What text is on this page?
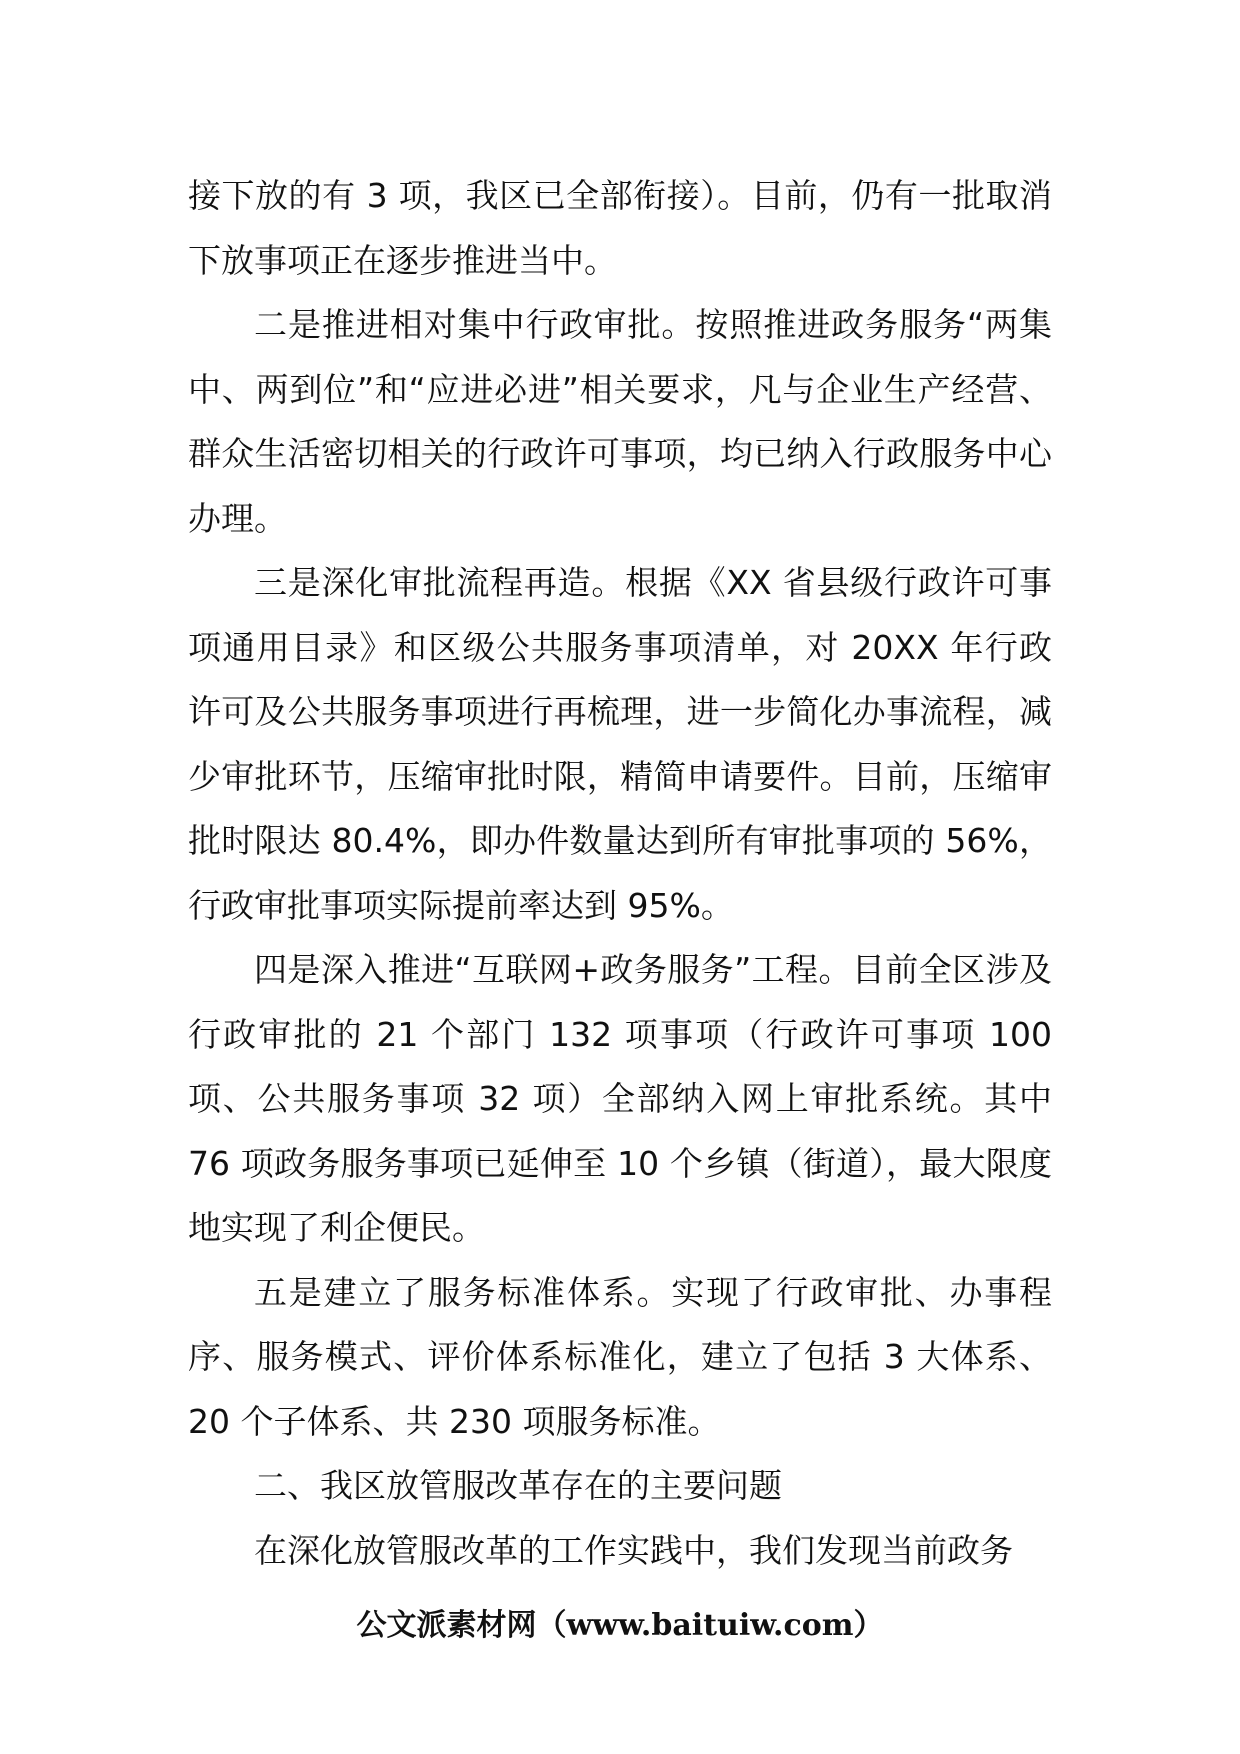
接下放的有 3 项，我区已全部衔接）。目前，仍有一批取消下放事项正在逐步推进当中。

二是推进相对集中行政审批。按照推进政务服务“两集中、两到位”和“应进必进”相关要求，凡与企业生产经营、群众生活密切相关的行政许可事项，均已纳入行政服务中心办理。

三是深化审批流程再造。根据《XX 省县级行政许可事项通用目录》和区级公共服务事项清单，对 20XX 年行政许可及公共服务事项进行再梳理，进一步简化办事流程，减少审批环节，压缩审批时限，精简申请要件。目前，压缩审批时限达 80.4%，即办件数量达到所有审批事项的 56%，行政审批事项实际提前率达到 95%。

四是深入推进“互联网+政务服务”工程。目前全区涉及行政审批的 21 个部门 132 项事项（行政许可事项 100 项、公共服务事项 32 项）全部纳入网上审批系统。其中 76 项政务服务事项已延伸至 10 个乡镇（街道），最大限度地实现了利企便民。

五是建立了服务标准体系。实现了行政审批、办事程序、服务模式、评价体系标准化，建立了包括 3 大体系、20 个子体系、共 230 项服务标准。

二、我区放管服改革存在的主要问题

在深化放管服改革的工作实践中，我们发现当前政务

公文派素材网（www.baituiw.com）
